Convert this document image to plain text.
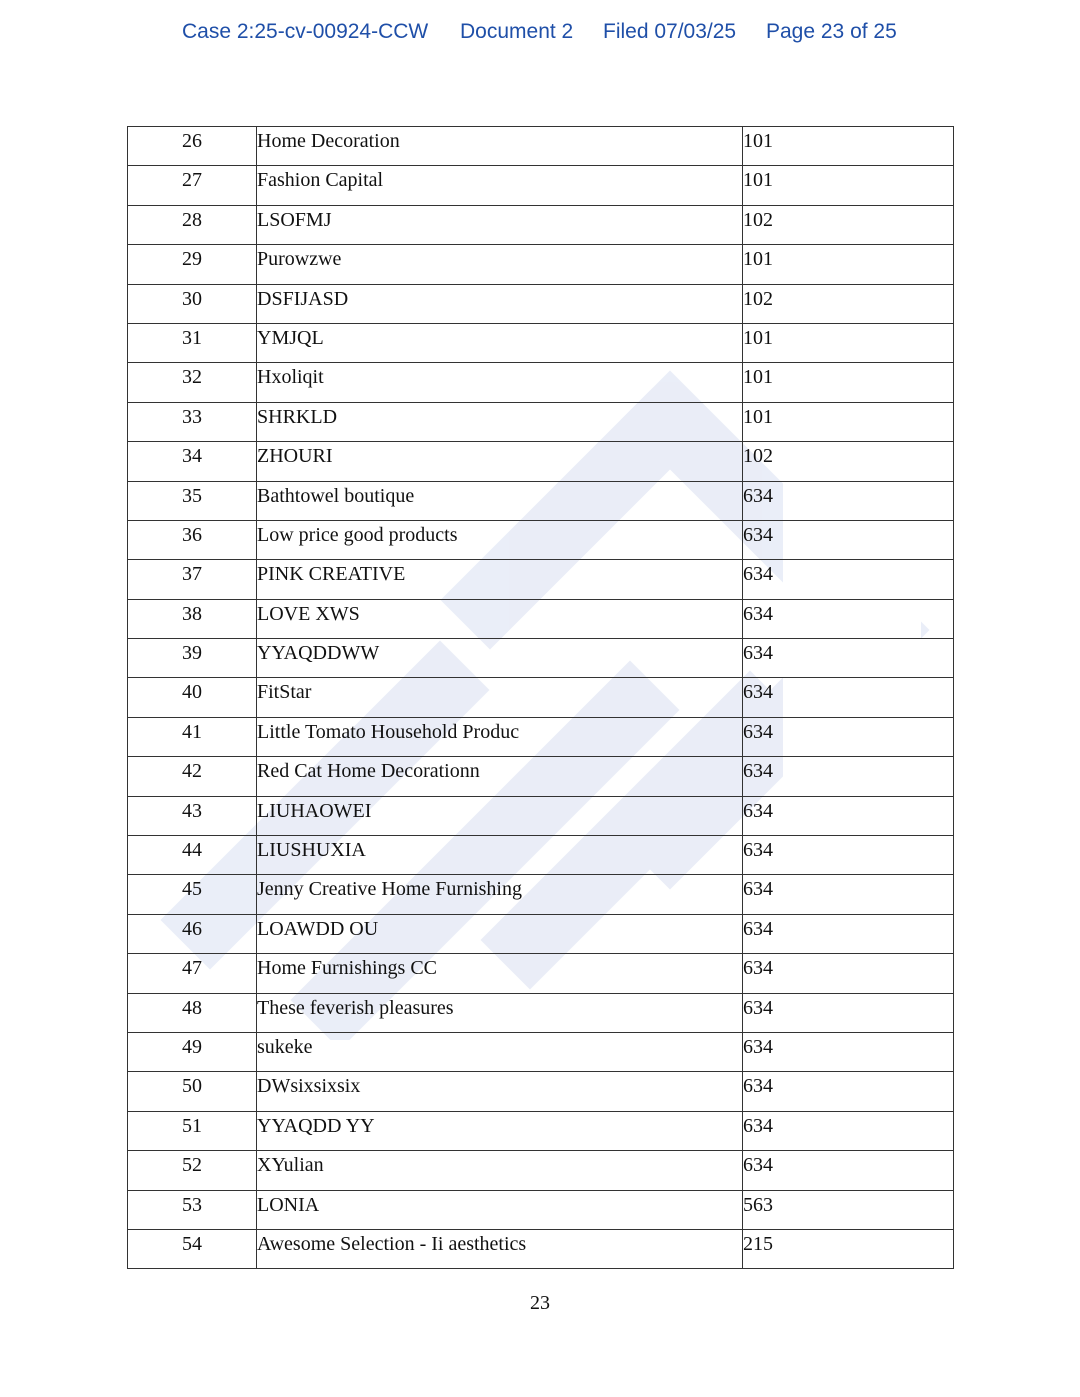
Case 2:25-cv-00924-CCW Document 2 Filed 07/03/25 Page 23 of 25
26	Home Decoration	101

27	Fashion Capital	101

28	LSOFMJ	102

29	Purowzwe	101

30	DSFIJASD	102

31	YMJQL	101

32	Hxoliqit	101

33	SHRKLD	101

34	ZHOURI	102

35	Bathtowel boutique	634

36	Low price good products	634

37	PINK CREATIVE	634

38	LOVE XWS	634

39	YYAQDDWW	634

40	FitStar	634

41	Little Tomato Household Produc	634

42	Red Cat Home Decorationn	634

43	LIUHAOWEI	634

44	LIUSHUXIA	634

45	Jenny Creative Home Furnishing	634

46	LOAWDD OU	634

47	Home Furnishings CC	634

48	These feverish pleasures	634

49	sukeke	634

50	DWsixsixsix	634

51	YYAQDD YY	634

52	XYulian	634

53	LONIA	563

54	Awesome Selection - Ii aesthetics	215
23
